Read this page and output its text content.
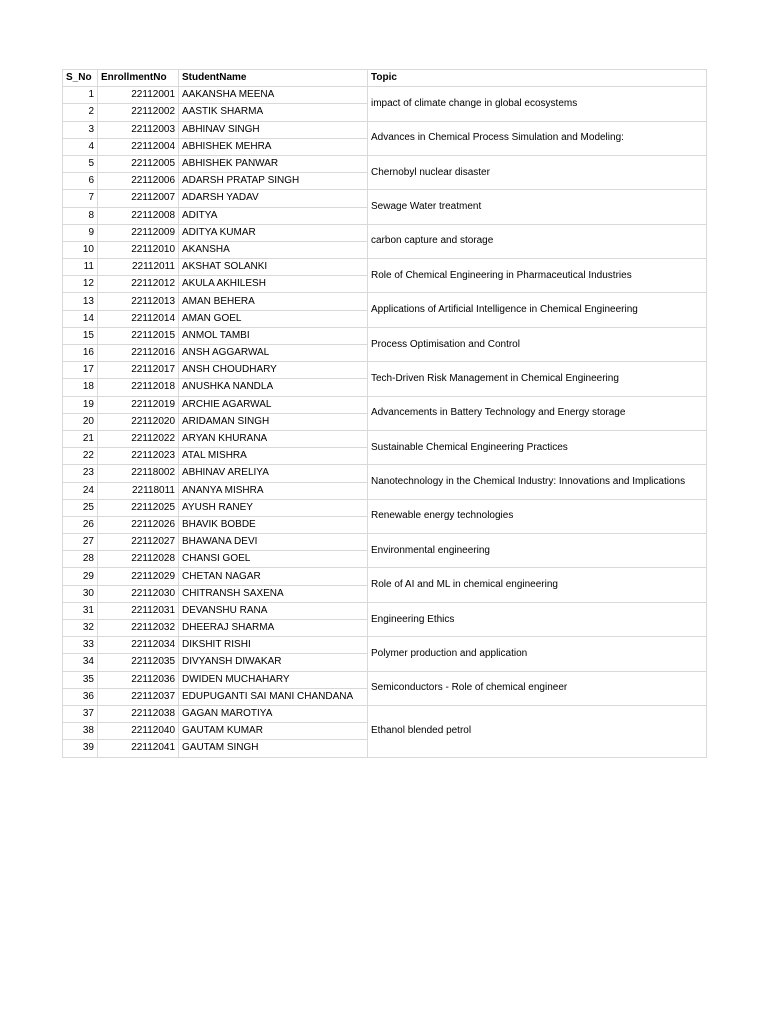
S_No	EnrollmentNo	StudentName	Topic
1	22112001	AAKANSHA MEENA	impact of climate change in global ecosystems
2	22112002	AASTIK SHARMA	
3	22112003	ABHINAV SINGH	Advances in Chemical Process Simulation and Modeling:
4	22112004	ABHISHEK MEHRA	
5	22112005	ABHISHEK PANWAR	Chernobyl nuclear disaster
6	22112006	ADARSH PRATAP SINGH	
7	22112007	ADARSH YADAV	Sewage Water treatment
8	22112008	ADITYA	
9	22112009	ADITYA KUMAR	carbon capture and storage
10	22112010	AKANSHA	
11	22112011	AKSHAT SOLANKI	Role of Chemical Engineering in Pharmaceutical Industries
12	22112012	AKULA AKHILESH	
13	22112013	AMAN BEHERA	Applications of Artificial Intelligence in Chemical Engineering
14	22112014	AMAN GOEL	
15	22112015	ANMOL TAMBI	Process Optimisation and Control
16	22112016	ANSH AGGARWAL	
17	22112017	ANSH CHOUDHARY	Tech-Driven Risk Management in Chemical Engineering
18	22112018	ANUSHKA NANDLA	
19	22112019	ARCHIE AGARWAL	Advancements in Battery Technology and Energy storage
20	22112020	ARIDAMAN SINGH	
21	22112022	ARYAN KHURANA	Sustainable Chemical Engineering Practices
22	22112023	ATAL MISHRA	
23	22118002	ABHINAV ARELIYA	Nanotechnology in the Chemical Industry: Innovations and Implications
24	22118011	ANANYA MISHRA	
25	22112025	AYUSH RANEY	Renewable energy technologies
26	22112026	BHAVIK BOBDE	
27	22112027	BHAWANA DEVI	Environmental engineering
28	22112028	CHANSI GOEL	
29	22112029	CHETAN NAGAR	Role of AI and ML in chemical engineering
30	22112030	CHITRANSH SAXENA	
31	22112031	DEVANSHU RANA	Engineering Ethics
32	22112032	DHEERAJ SHARMA	
33	22112034	DIKSHIT RISHI	Polymer production and application
34	22112035	DIVYANSH DIWAKAR	
35	22112036	DWIDEN MUCHAHARY	Semiconductors - Role of chemical engineer
36	22112037	EDUPUGANTI SAI MANI CHANDANA	
37	22112038	GAGAN MAROTIYA	Ethanol blended petrol
38	22112040	GAUTAM KUMAR	
39	22112041	GAUTAM SINGH	
